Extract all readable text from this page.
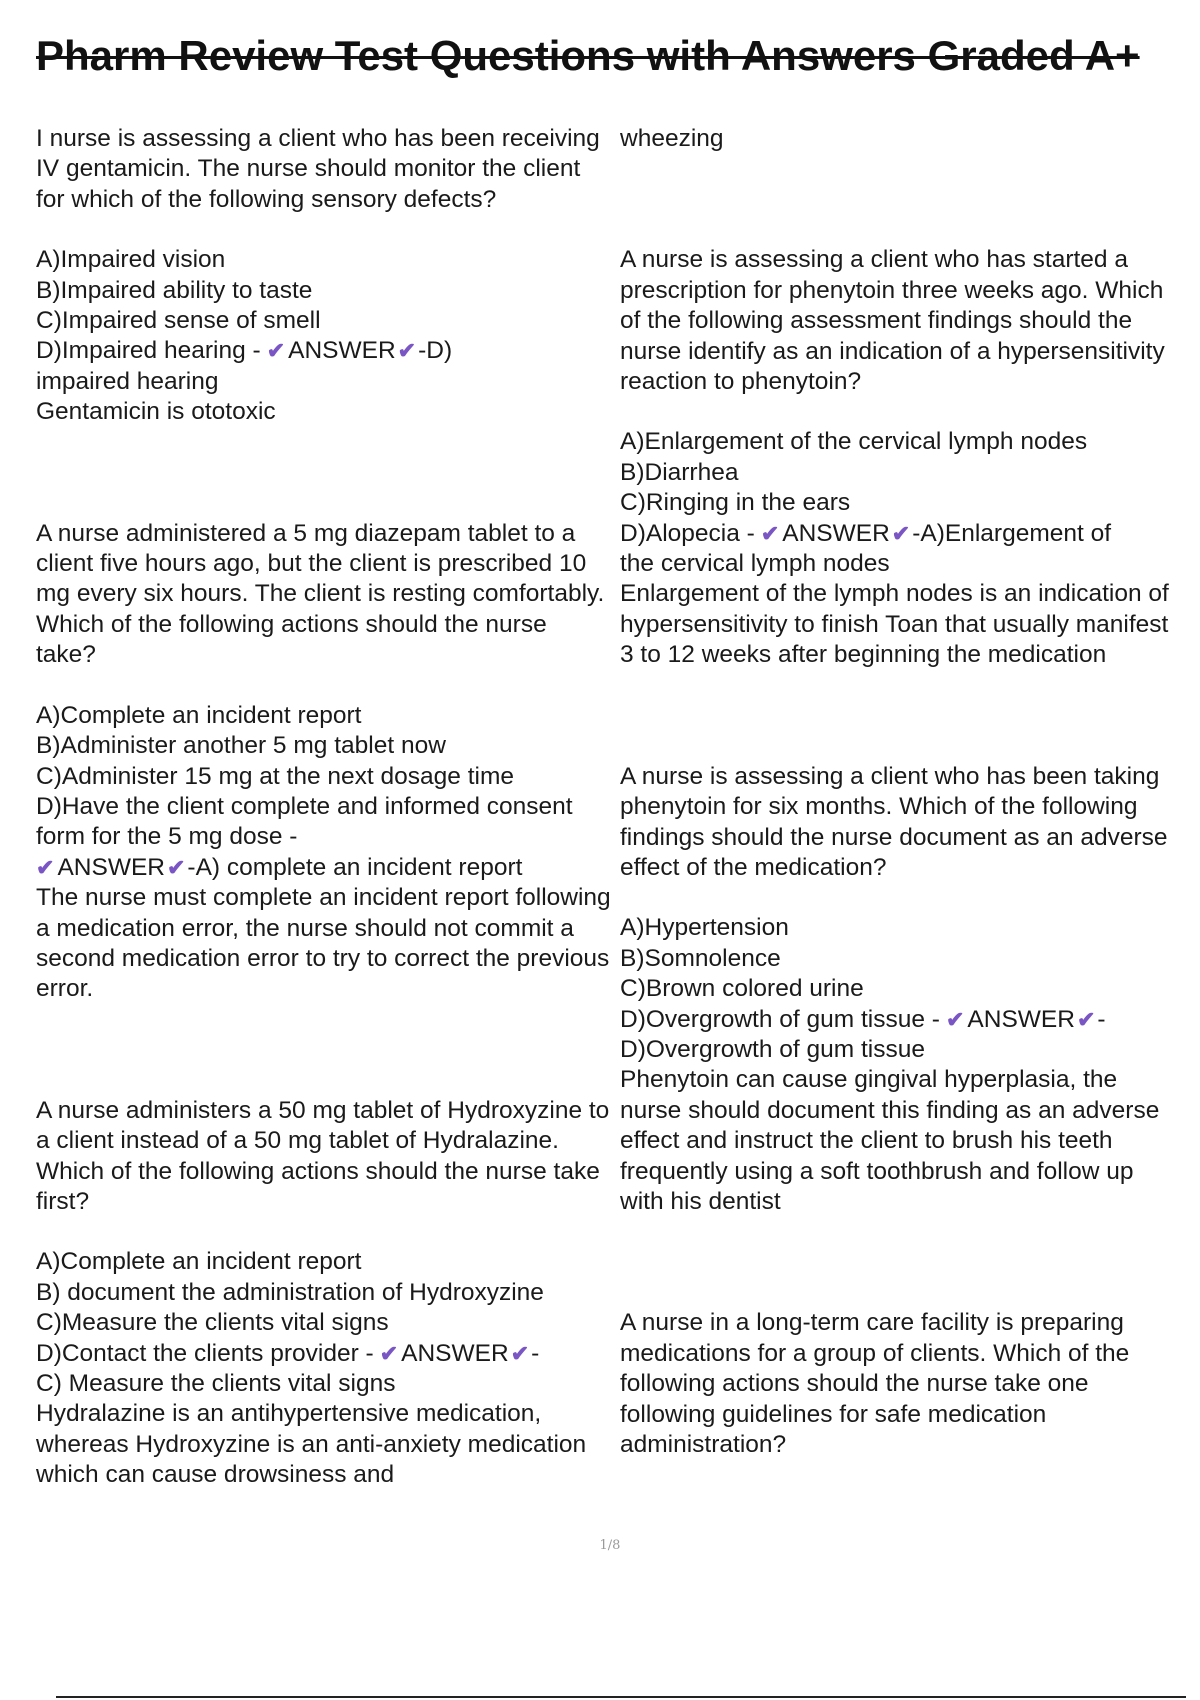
Pharm Review Test Questions with Answers Graded A+

I nurse is assessing a client who has been receiving IV gentamicin. The nurse should monitor the client for which of the following sensory defects?

A)Impaired vision

B)Impaired ability to taste

C)Impaired sense of smell

D)Impaired hearing - ✔ ANSWER✔-D)

impaired hearing

Gentamicin is ototoxic

A nurse administered a 5 mg diazepam tablet to a client five hours ago, but the client is prescribed 10 mg every six hours. The client is resting comfortably. Which of the following actions should the nurse take?

A)Complete an incident report

B)Administer another 5 mg tablet now

C)Administer 15 mg at the next dosage time

D)Have the client complete and informed consent form for the 5 mg dose -

✔ ANSWER✔-A) complete an incident report

The nurse must complete an incident report following a medication error, the nurse should not commit a second medication error to try to correct the previous error.

A nurse administers a 50 mg tablet of Hydroxyzine to a client instead of a 50 mg tablet of Hydralazine. Which of the following actions should the nurse take first?

A)Complete an incident report

B) document the administration of Hydroxyzine

C)Measure the clients vital signs

D)Contact the clients provider - ✔ ANSWER✔-

C) Measure the clients vital signs

Hydralazine is an antihypertensive medication, whereas Hydroxyzine is an anti-anxiety medication which can cause drowsiness and

wheezing

A nurse is assessing a client who has started a prescription for phenytoin three weeks ago. Which of the following assessment findings should the nurse identify as an indication of a hypersensitivity reaction to phenytoin?

A)Enlargement of the cervical lymph nodes

B)Diarrhea

C)Ringing in the ears

D)Alopecia - ✔ ANSWER✔-A)Enlargement of

the cervical lymph nodes

Enlargement of the lymph nodes is an indication of hypersensitivity to finish Toan that usually manifest 3 to 12 weeks after beginning the medication

A nurse is assessing a client who has been taking phenytoin for six months. Which of the following findings should the nurse document as an adverse effect of the medication?

A)Hypertension

B)Somnolence

C)Brown colored urine

D)Overgrowth of gum tissue - ✔ ANSWER✔-

D)Overgrowth of gum tissue

Phenytoin can cause gingival hyperplasia, the nurse should document this finding as an adverse effect and instruct the client to brush his teeth frequently using a soft toothbrush and follow up with his dentist

A nurse in a long-term care facility is preparing medications for a group of clients. Which of the following actions should the nurse take one following guidelines for safe medication administration?

1/8
